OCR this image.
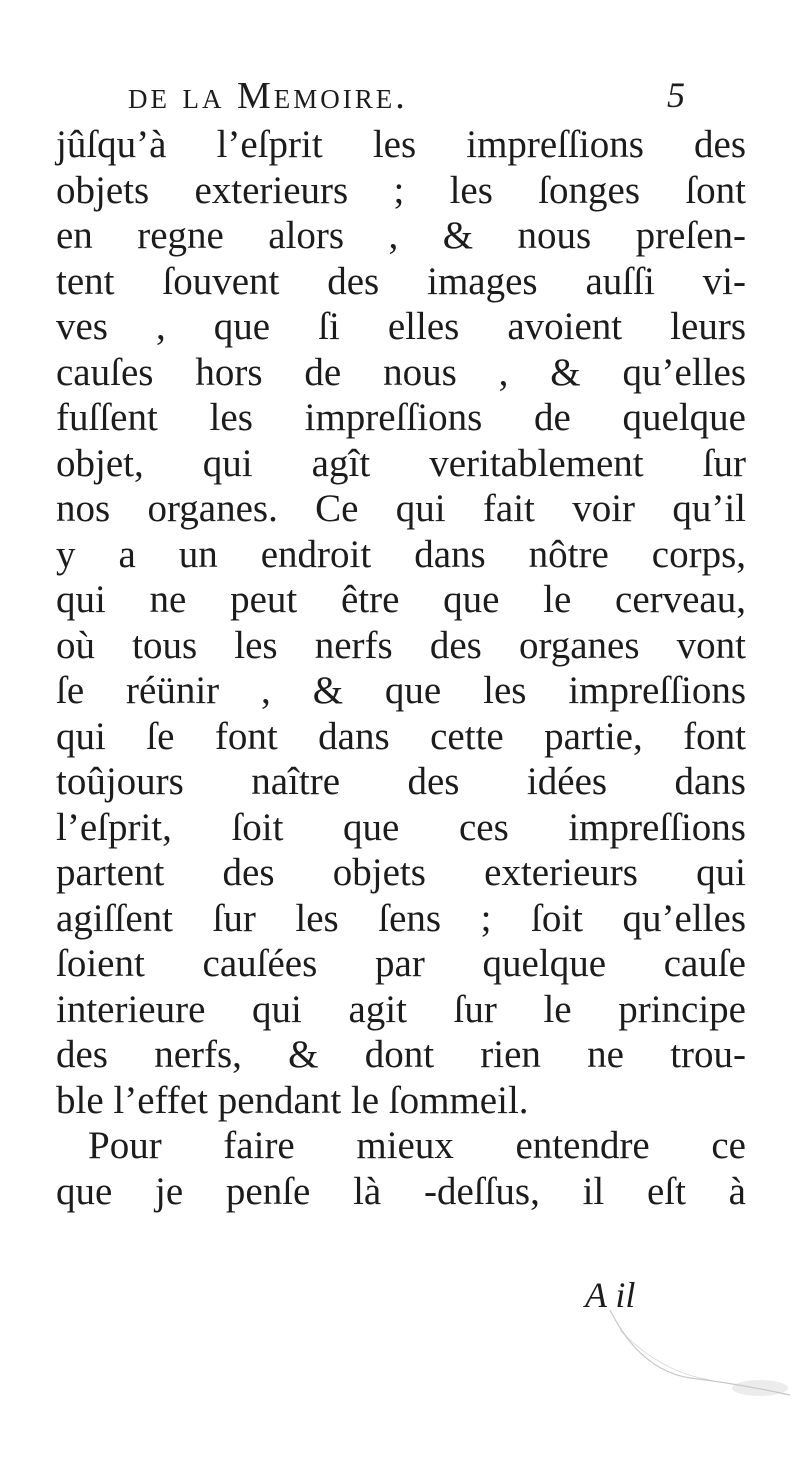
de la Memoire.	5
jûſqu’à l’eſprit les impreſſions des
objets exterieurs ; les ſonges ſont
en regne alors , & nous preſen-
tent ſouvent des images auſſi vi-
ves , que ſi elles avoient leurs
cauſes hors de nous , & qu’elles
fuſſent les impreſſions de quelque
objet, qui agît veritablement ſur
nos organes. Ce qui fait voir qu’il
y a un endroit dans nôtre corps,
qui ne peut être que le cerveau,
où tous les nerfs des organes vont
ſe réünir , & que les impreſſions
qui ſe font dans cette partie, font
toûjours naître des idées dans
l’eſprit, ſoit que ces impreſſions
partent des objets exterieurs qui
agiſſent ſur les ſens ; ſoit qu’elles
ſoient cauſées par quelque cauſe
interieure qui agit ſur le principe
des nerfs, & dont rien ne trou-
ble l’effet pendant le ſommeil.
Pour faire mieux entendre ce
que je penſe là -deſſus, il eſt à
A il
